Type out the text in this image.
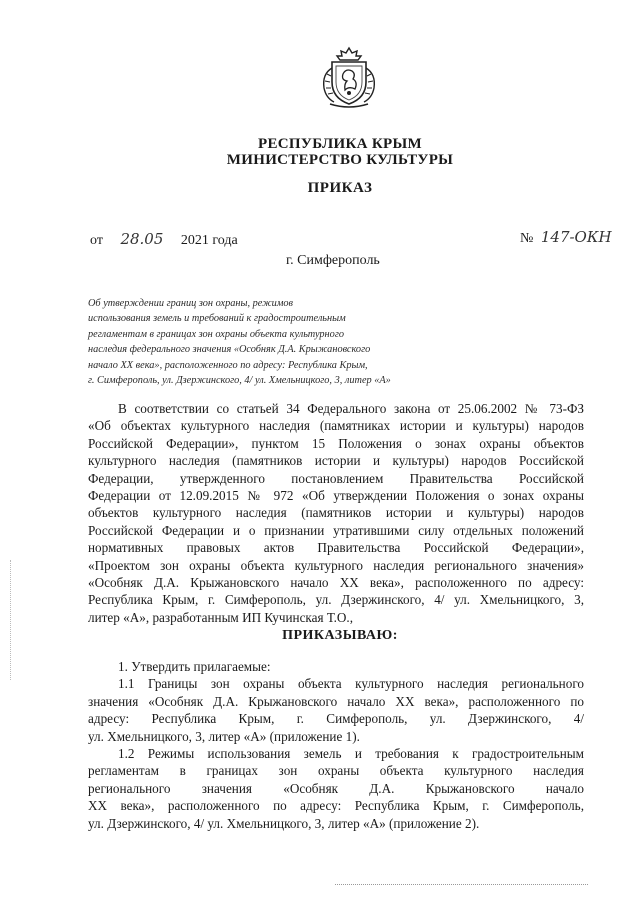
РЕСПУБЛИКА КРЫМ
МИНИСТЕРСТВО КУЛЬТУРЫ
ПРИКАЗ
от 28.05 2021 года	№ 147-ОКН
г. Симферополь
Об утверждении границ зон охраны, режимов
использования земель и требований к градостроительным
регламентам в границах зон охраны объекта культурного
наследия федерального значения «Особняк Д.А. Крыжановского
начало XX века», расположенного по адресу: Республика Крым,
г. Симферополь, ул. Дзержинского, 4/ ул. Хмельницкого, 3, литер «А»
В соответствии со статьей 34 Федерального закона от 25.06.2002 № 73-ФЗ
«Об объектах культурного наследия (памятниках истории и культуры) народов
Российской Федерации», пунктом 15 Положения о зонах охраны объектов
культурного наследия (памятников истории и культуры) народов Российской
Федерации, утвержденного постановлением Правительства Российской
Федерации от 12.09.2015 № 972 «Об утверждении Положения о зонах охраны
объектов культурного наследия (памятников истории и культуры) народов
Российской Федерации и о признании утратившими силу отдельных положений
нормативных правовых актов Правительства Российской Федерации»,
«Проектом зон охраны объекта культурного наследия регионального значения»
«Особняк Д.А. Крыжановского начало XX века», расположенного по адресу:
Республика Крым, г. Симферополь, ул. Дзержинского, 4/ ул. Хмельницкого, 3,
литер «А», разработанным ИП Кучинская Т.О.,
ПРИКАЗЫВАЮ:
1. Утвердить прилагаемые:
1.1 Границы зон охраны объекта культурного наследия регионального
значения «Особняк Д.А. Крыжановского начало XX века», расположенного по
адресу: Республика Крым, г. Симферополь, ул. Дзержинского, 4/
ул. Хмельницкого, 3, литер «А» (приложение 1).
1.2 Режимы использования земель и требования к градостроительным
регламентам в границах зон охраны объекта культурного наследия
регионального значения «Особняк Д.А. Крыжановского начало
XX века», расположенного по адресу: Республика Крым, г. Симферополь,
ул. Дзержинского, 4/ ул. Хмельницкого, 3, литер «А» (приложение 2).
